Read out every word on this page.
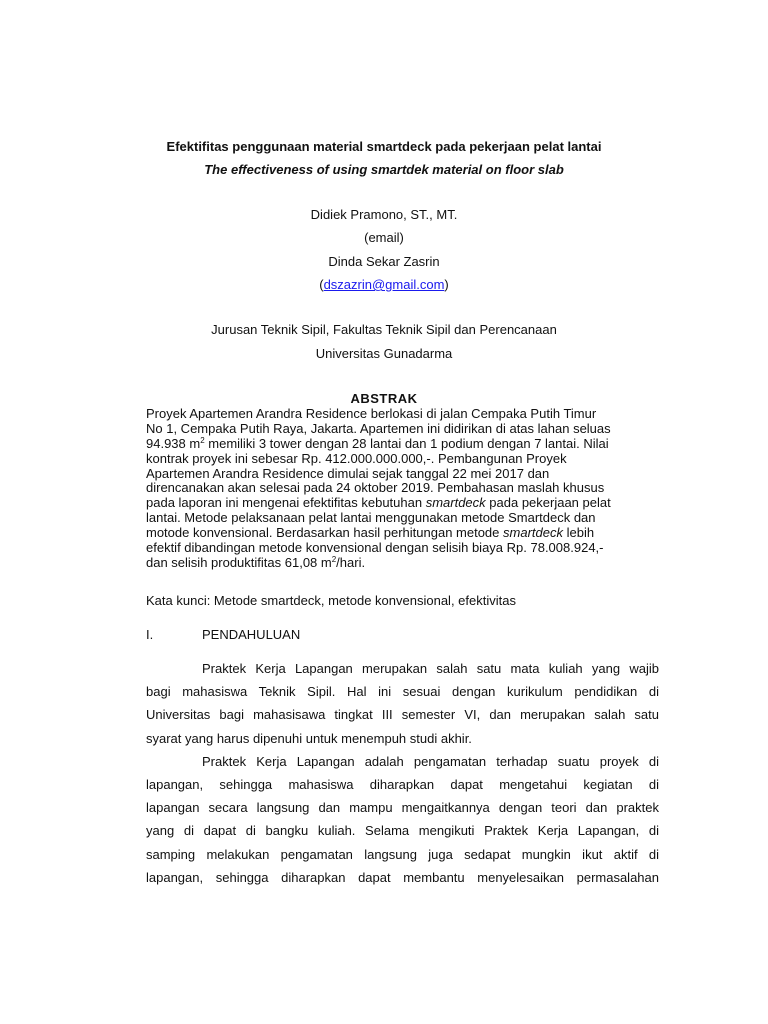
Efektifitas penggunaan material smartdeck pada pekerjaan pelat lantai
The effectiveness of using smartdek material on floor slab
Didiek Pramono, ST., MT.
(email)
Dinda Sekar Zasrin
(dszazrin@gmail.com)
Jurusan Teknik Sipil, Fakultas Teknik Sipil dan Perencanaan
Universitas Gunadarma
ABSTRAK
Proyek Apartemen Arandra Residence berlokasi di jalan Cempaka Putih Timur
No 1, Cempaka Putih Raya, Jakarta. Apartemen ini didirikan di atas lahan seluas
94.938 $m^2$ memiliki 3 tower dengan 28 lantai dan 1 podium dengan 7 lantai. Nilai
kontrak proyek ini sebesar Rp. 412.000.000.000,-. Pembangunan Proyek
Apartemen Arandra Residence dimulai sejak tanggal 22 mei 2017 dan
direncanakan akan selesai pada 24 oktober 2019. Pembahasan maslah khusus
pada laporan ini mengenai efektifitas kebutuhan smartdeck pada pekerjaan pelat
lantai. Metode pelaksanaan pelat lantai menggunakan metode Smartdeck dan
motode konvensional. Berdasarkan hasil perhitungan metode smartdeck lebih
efektif dibandingan metode konvensional dengan selisih biaya Rp. 78.008.924,-
dan selisih produktifitas 61,08 $m^2$/hari.
Kata kunci: Metode smartdeck, metode konvensional, efektivitas
I.	PENDAHULUAN
Praktek Kerja Lapangan merupakan salah satu mata kuliah yang wajib
bagi mahasiswa Teknik Sipil. Hal ini sesuai dengan kurikulum pendidikan di
Universitas bagi mahasisawa tingkat III semester VI, dan merupakan salah satu
syarat yang harus dipenuhi untuk menempuh studi akhir.
Praktek Kerja Lapangan adalah pengamatan terhadap suatu proyek di
lapangan, sehingga mahasiswa diharapkan dapat mengetahui kegiatan di
lapangan secara langsung dan mampu mengaitkannya dengan teori dan praktek
yang di dapat di bangku kuliah. Selama mengikuti Praktek Kerja Lapangan, di
samping melakukan pengamatan langsung juga sedapat mungkin ikut aktif di
lapangan, sehingga diharapkan dapat membantu menyelesaikan permasalahan
